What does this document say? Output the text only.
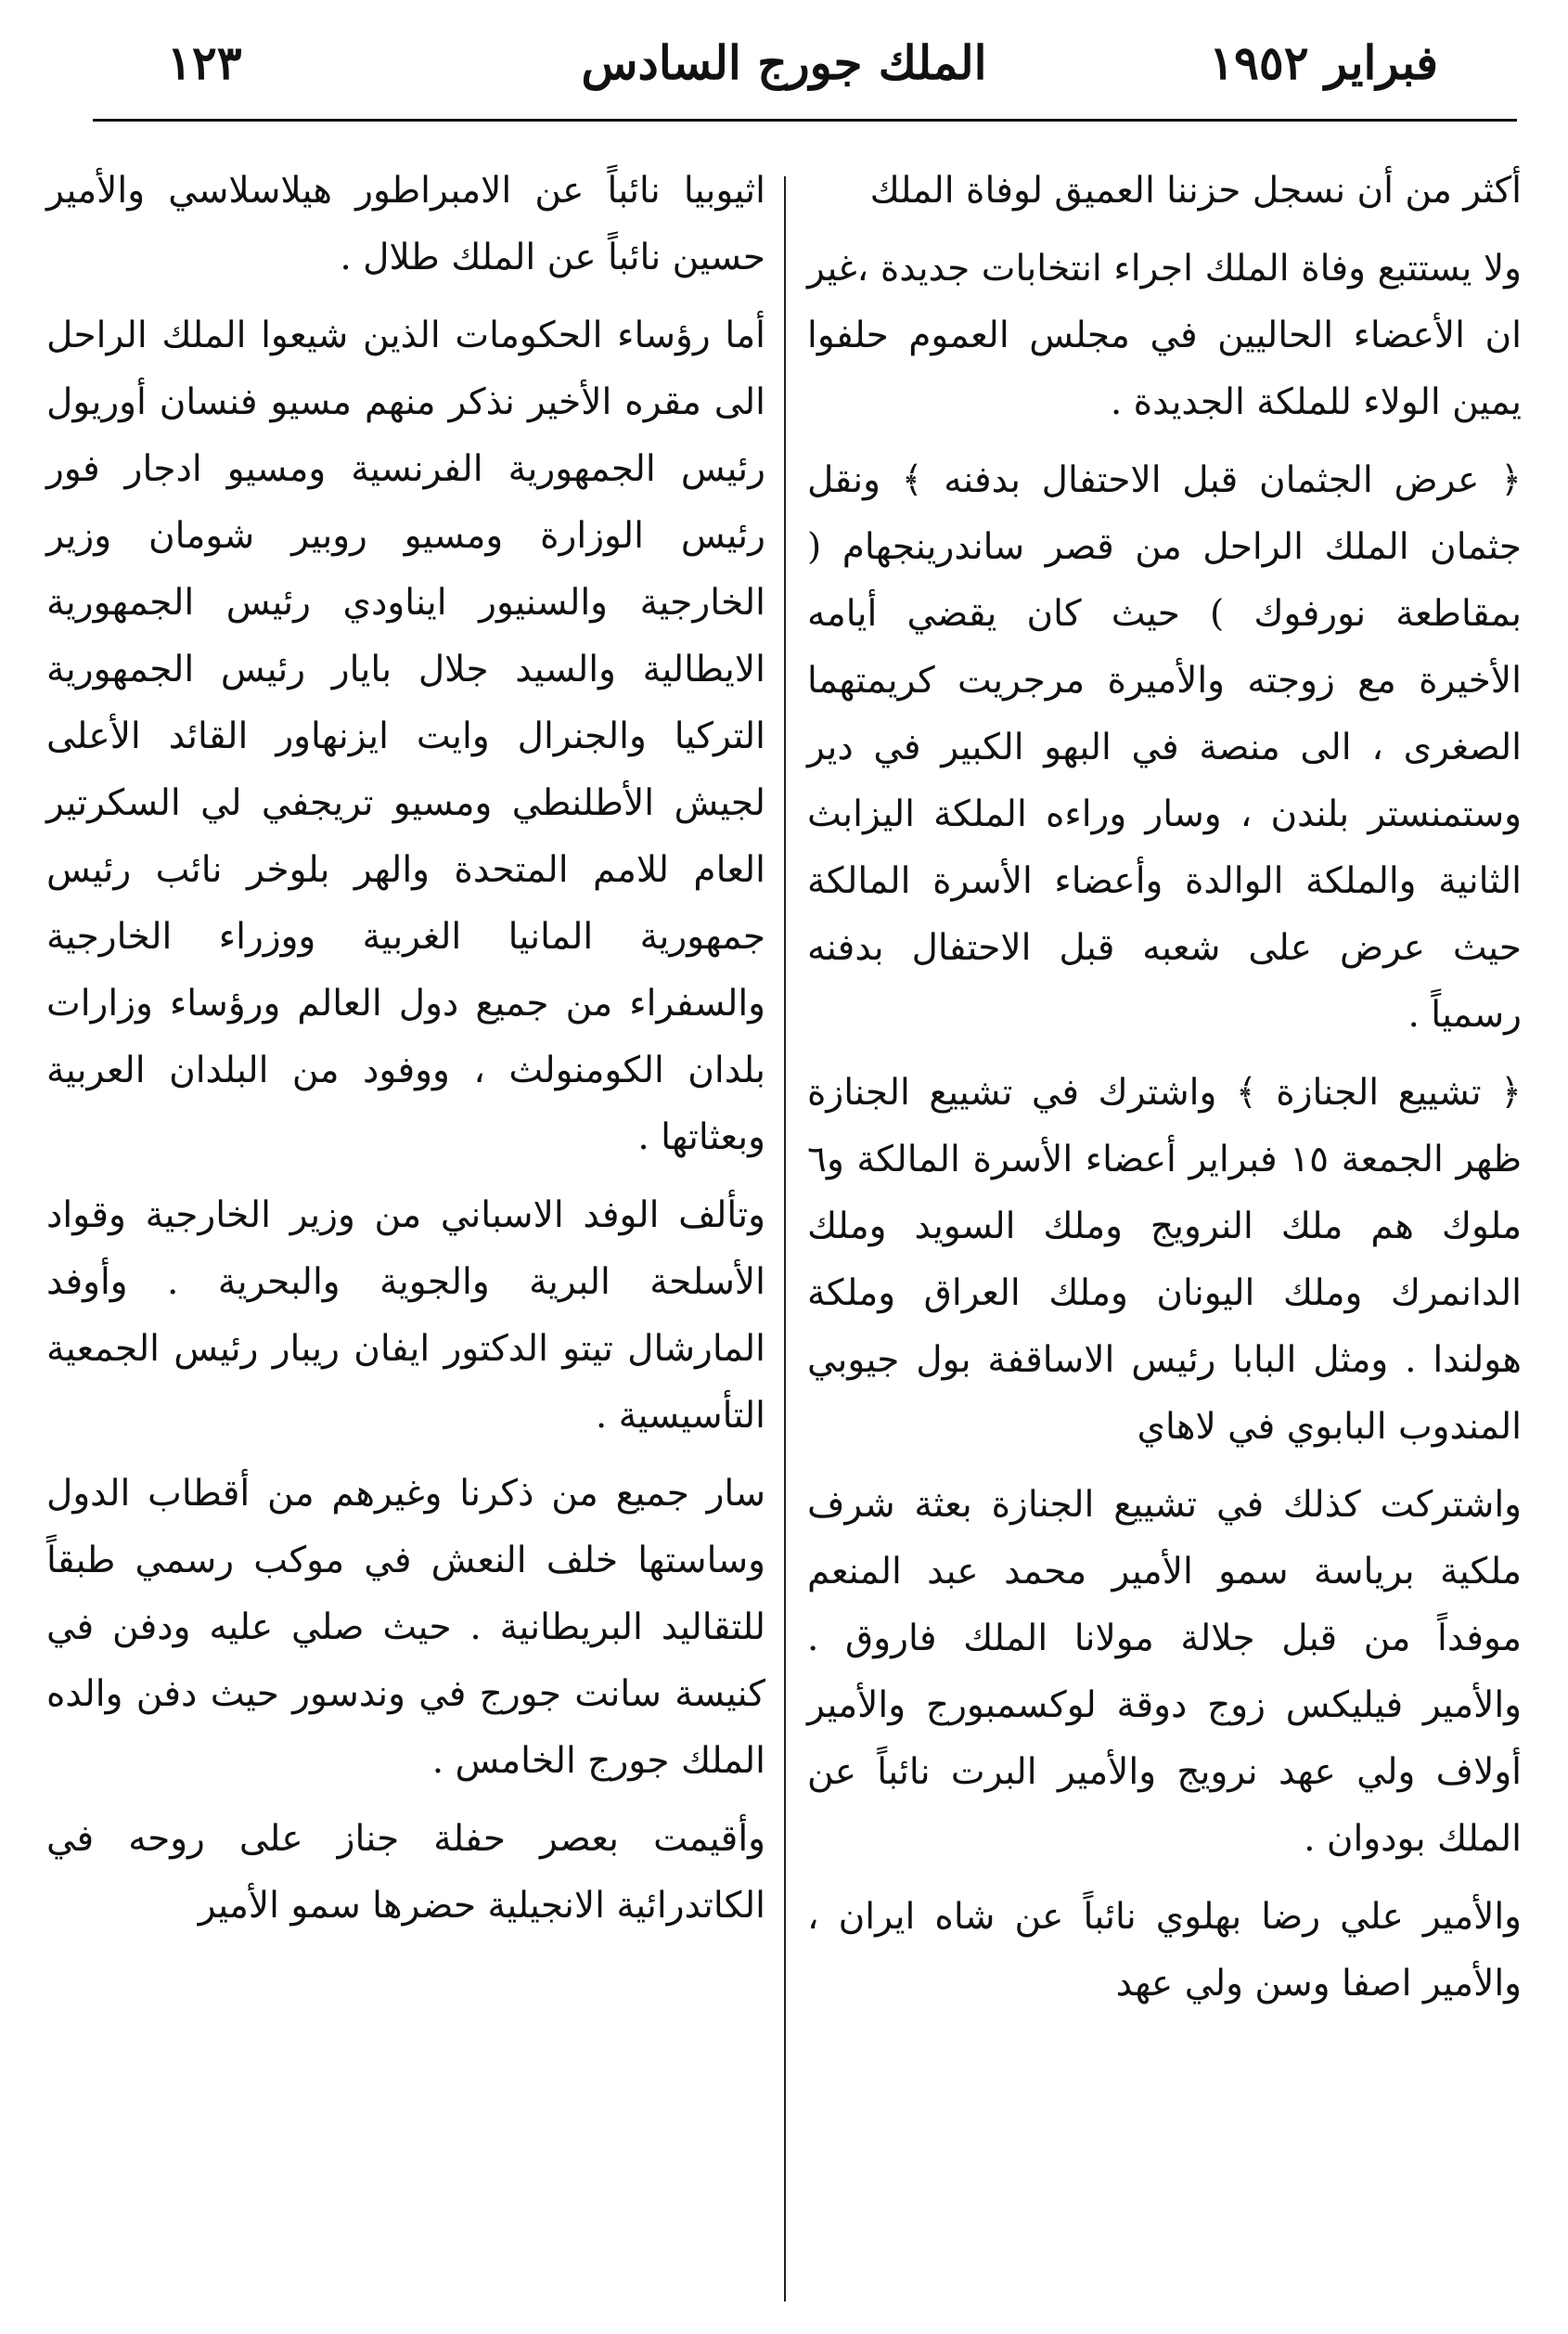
فبراير ١٩٥٢
الملك جورج السادس
١٢٣

أكثر من أن نسجل حزننا العميق لوفاة الملك

ولا يستتبع وفاة الملك اجراء انتخابات جديدة ،غير ان الأعضاء الحاليين في مجلس العموم حلفوا يمين الولاء للملكة الجديدة .

﴿ عرض الجثمان قبل الاحتفال بدفنه ﴾ ونقل جثمان الملك الراحل من قصر ساندرينجهام ( بمقاطعة نورفوك ) حيث كان يقضي أيامه الأخيرة مع زوجته والأميرة مرجريت كريمتهما الصغرى ، الى منصة في البهو الكبير في دير وستمنستر بلندن ، وسار وراءه الملكة اليزابث الثانية والملكة الوالدة وأعضاء الأسرة المالكة حيث عرض على شعبه قبل الاحتفال بدفنه رسمياً .

﴿ تشييع الجنازة ﴾ واشترك في تشييع الجنازة ظهر الجمعة ١٥ فبراير أعضاء الأسرة المالكة و٦ ملوك هم ملك النرويج وملك السويد وملك الدانمرك وملك اليونان وملك العراق وملكة هولندا . ومثل البابا رئيس الاساقفة بول جيوبي المندوب البابوي في لاهاي

واشتركت كذلك في تشييع الجنازة بعثة شرف ملكية برياسة سمو الأمير محمد عبد المنعم موفداً من قبل جلالة مولانا الملك فاروق . والأمير فيليكس زوج دوقة لوكسمبورج والأمير أولاف ولي عهد نرويج والأمير البرت نائباً عن الملك بودوان .

والأمير علي رضا بهلوي نائباً عن شاه ايران ، والأمير اصفا وسن ولي عهد

اثيوبيا نائباً عن الامبراطور هيلاسلاسي والأمير حسين نائباً عن الملك طلال .

أما رؤساء الحكومات الذين شيعوا الملك الراحل الى مقره الأخير نذكر منهم مسيو فنسان أوريول رئيس الجمهورية الفرنسية ومسيو ادجار فور رئيس الوزارة ومسيو روبير شومان وزير الخارجية والسنيور ايناودي رئيس الجمهورية الايطالية والسيد جلال بايار رئيس الجمهورية التركيا والجنرال وايت ايزنهاور القائد الأعلى لجيش الأطلنطي ومسيو تريجفي لي السكرتير العام للامم المتحدة والهر بلوخر نائب رئيس جمهورية المانيا الغربية ووزراء الخارجية والسفراء من جميع دول العالم ورؤساء وزارات بلدان الكومنولث ، ووفود من البلدان العربية وبعثاتها .

وتألف الوفد الاسباني من وزير الخارجية وقواد الأسلحة البرية والجوية والبحرية . وأوفد المارشال تيتو الدكتور ايفان ريبار رئيس الجمعية التأسيسية .

سار جميع من ذكرنا وغيرهم من أقطاب الدول وساستها خلف النعش في موكب رسمي طبقاً للتقاليد البريطانية . حيث صلي عليه ودفن في كنيسة سانت جورج في وندسور حيث دفن والده الملك جورج الخامس .

وأقيمت بعصر حفلة جناز على روحه في الكاتدرائية الانجيلية حضرها سمو الأمير
